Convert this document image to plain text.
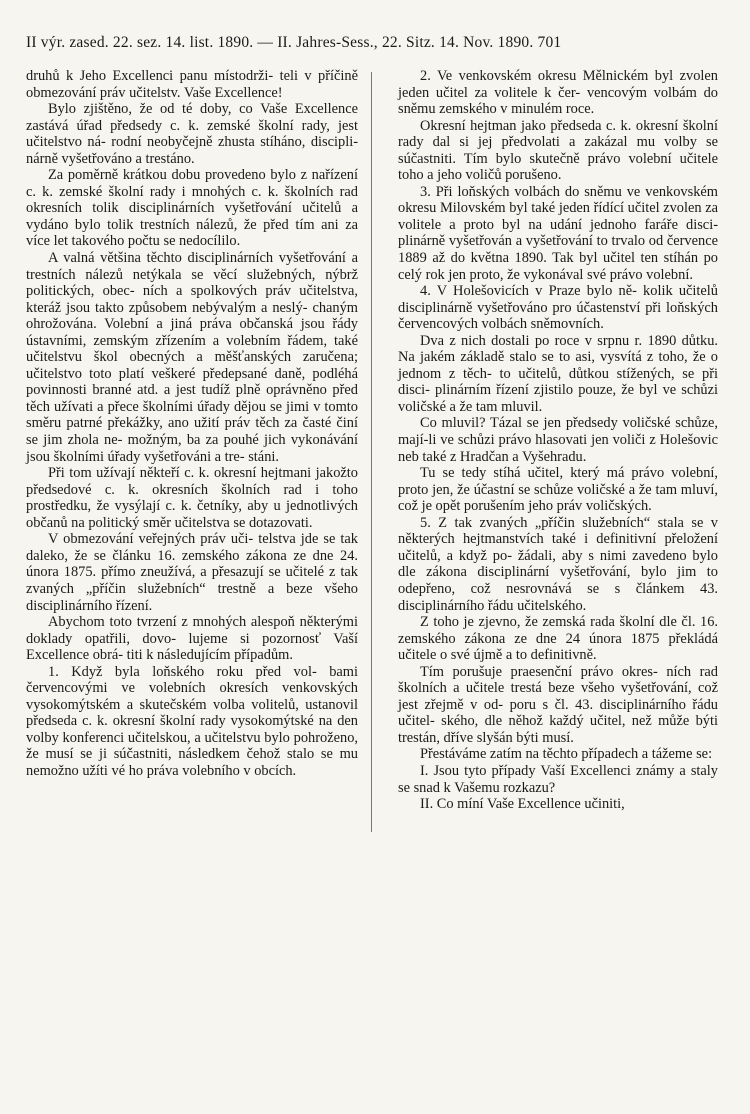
II výr. zased. 22. sez. 14. list. 1890. — II. Jahres-Sess., 22. Sitz. 14. Nov. 1890. 701

druhů k Jeho Excellenci panu místodrži- teli v příčině obmezování práv učitelstv. Vaše Excellence!

Bylo zjištěno, že od té doby, co Vaše Excellence zastává úřad předsedy c. k. zemské školní rady, jest učitelstvo ná- rodní neobyčejně zhusta stíháno, discipli- nárně vyšetřováno a trestáno.

Za poměrně krátkou dobu provedeno bylo z nařízení c. k. zemské školní rady i mnohých c. k. školních rad okresních tolik disciplinárních vyšetřování učitelů a vydáno bylo tolik trestních nálezů, že před tím ani za více let takového počtu se nedocílilo.

A valná většina těchto disciplinárních vyšetřování a trestních nálezů netýkala se věcí služebných, nýbrž politických, obec- ních a spolkových práv učitelstva, kteráž jsou takto způsobem nebývalým a neslý- chaným ohrožována. Volební a jiná práva občanská jsou řády ústavními, zemským zřízením a volebním řádem, také učitelstvu škol obecných a měšťanských zaručena; učitelstvo toto platí veškeré předepsané daně, podléhá povinnosti branné atd. a jest tudíž plně oprávněno před těch užívati a přece školními úřady dějou se jimi v tomto směru patrné překážky, ano užití práv těch za časté činí se jim zhola ne- možným, ba za pouhé jich vykonávání jsou školními úřady vyšetřováni a tre- stáni.

Při tom užívají někteří c. k. okresní hejtmani jakožto předsedové c. k. okresních školních rad i toho prostředku, že vysýlají c. k. četníky, aby u jednotlivých občanů na politický směr učitelstva se dotazovati.

V obmezování veřejných práv uči- telstva jde se tak daleko, že se článku 16. zemského zákona ze dne 24. února 1875. přímo zneužívá, a přesazují se učitelé z tak zvaných „příčin služebních“ trestně a beze všeho disciplinárního řízení.

Abychom toto tvrzení z mnohých alespoň některými doklady opatřili, dovo- lujeme si pozornosť Vaší Excellence obrá- titi k následujícím případům.

1. Když byla loňského roku před vol- bami červencovými ve volebních okresích venkovských vysokomýtském a skutečském volba volitelů, ustanovil předseda c. k. okresní školní rady vysokomýtské na den volby konferenci učitelskou, a učitelstvu bylo pohroženo, že musí se ji súčastniti, následkem čehož stalo se mu nemožno užíti vé ho práva volebního v obcích.

2. Ve venkovském okresu Mělnickém byl zvolen jeden učitel za volitele k čer- vencovým volbám do sněmu zemského v minulém roce.

Okresní hejtman jako předseda c. k. okresní školní rady dal si jej předvolati a zakázal mu volby se súčastniti. Tím bylo skutečně právo volební učitele toho a jeho voličů porušeno.

3. Při loňských volbách do sněmu ve venkovském okresu Milovském byl také jeden řídící učitel zvolen za volitele a proto byl na udání jednoho faráře disci- plinárně vyšetřován a vyšetřování to trvalo od července 1889 až do května 1890. Tak byl učitel ten stíhán po celý rok jen proto, že vykonával své právo volební.

4. V Holešovicích v Praze bylo ně- kolik učitelů disciplinárně vyšetřováno pro účastenství při loňských červencových volbách sněmovních.

Dva z nich dostali po roce v srpnu r. 1890 důtku. Na jakém základě stalo se to asi, vysvítá z toho, že o jednom z těch- to učitelů, důtkou stížených, se při disci- plinárním řízení zjistilo pouze, že byl ve schůzi voličské a že tam mluvil.

Co mluvil? Tázal se jen předsedy voličské schůze, mají-li ve schůzi právo hlasovati jen voliči z Holešovic neb také z Hradčan a Vyšehradu.

Tu se tedy stíhá učitel, který má právo volební, proto jen, že účastní se schůze voličské a že tam mluví, což je opět porušením jeho práv voličských.

5. Z tak zvaných „příčin služebních“ stala se v některých hejtmanstvích také i definitivní přeložení učitelů, a když po- žádali, aby s nimi zavedeno bylo dle zákona disciplinární vyšetřování, bylo jim to odepřeno, což nesrovnává se s článkem 43. disciplinárního řádu učitelského.

Z toho je zjevno, že zemská rada školní dle čl. 16. zemského zákona ze dne 24 února 1875 překládá učitele o své újmě a to definitivně.

Tím porušuje praesenční právo okres- ních rad školních a učitele trestá beze všeho vyšetřování, což jest zřejmě v od- poru s čl. 43. disciplinárního řádu učitel- ského, dle něhož každý učitel, než může býti trestán, dříve slyšán býti musí.

Přestáváme zatím na těchto případech a tážeme se:

I. Jsou tyto případy Vaší Excellenci známy a staly se snad k Vašemu rozkazu?

II. Co míní Vaše Excellence učiniti,
